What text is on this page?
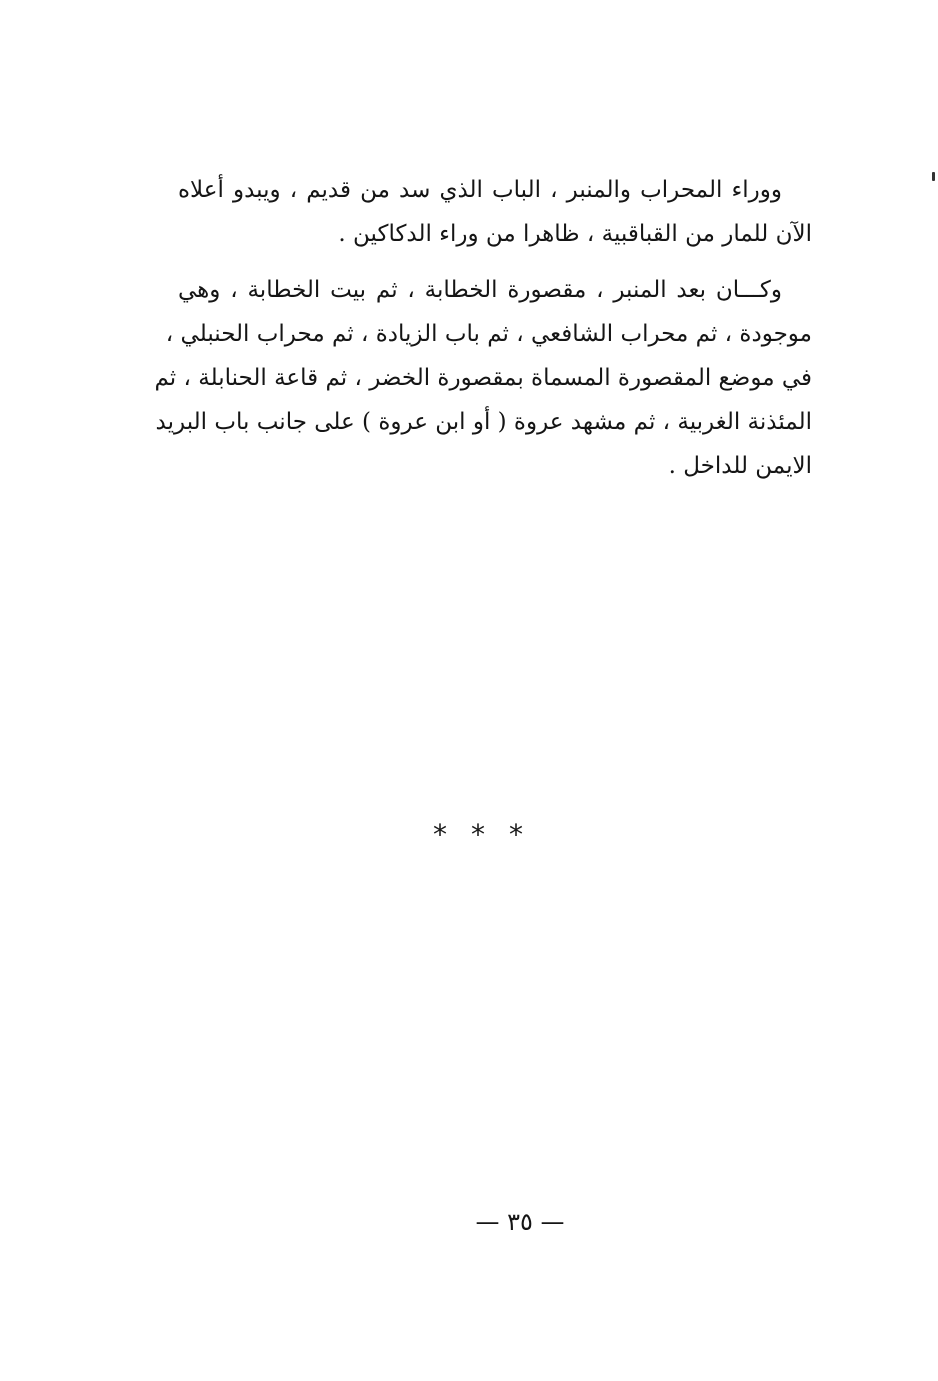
ووراء المحراب والمنبر ، الباب الذي سد من قديم ، ويبدو أعلاه
الآن للمار من القباقبية ، ظاهرا من وراء الدكاكين .

وكـــان بعد المنبر ، مقصورة الخطابة ، ثم بيت الخطابة ، وهي
موجودة ، ثم محراب الشافعي ، ثم باب الزيادة ، ثم محراب الحنبلي ،
في موضع المقصورة المسماة بمقصورة الخضر ، ثم قاعة الحنابلة ، ثم
المئذنة الغربية ، ثم مشهد عروة ( أو ابن عروة ) على جانب باب البريد
الايمن للداخل .

***
— ٣٥ —
